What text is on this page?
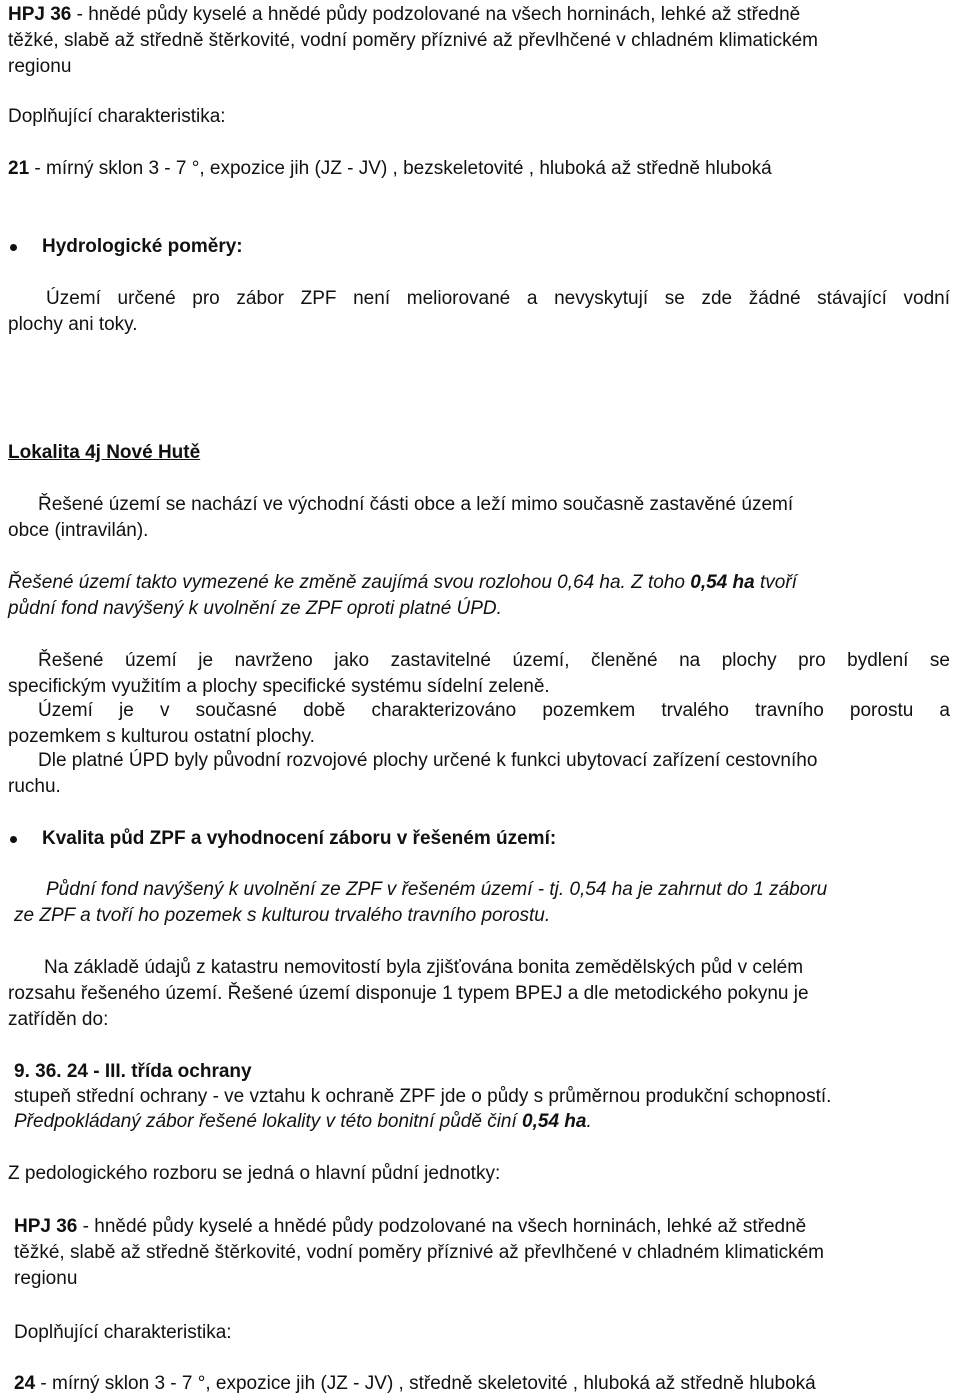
HPJ 36 - hnědé půdy kyselé a hnědé půdy podzolované na všech horninách, lehké až středně
těžké, slabě až středně štěrkovité, vodní poměry příznivé až převlhčené v chladném klimatickém
regionu
Doplňující charakteristika:
21 - mírný sklon 3 - 7 °, expozice jih (JZ - JV) , bezskeletovité , hluboká až středně hluboká
Hydrologické poměry:
Území určené pro zábor ZPF není meliorované a nevyskytují se zde žádné stávající vodní
plochy ani toky.
Lokalita 4j Nové Hutě
Řešené území se nachází ve východní části obce a leží mimo současně zastavěné území
obce (intravilán).
Řešené území takto vymezené ke změně zaujímá svou rozlohou 0,64 ha. Z toho 0,54 ha tvoří
půdní fond navýšený k uvolnění ze ZPF oproti platné ÚPD.
Řešené území je navrženo jako zastavitelné území, členěné na plochy pro bydlení se
specifickým využitím a plochy specifické systému sídelní zeleně.
Území je v současné době charakterizováno pozemkem trvalého travního porostu a
pozemkem s kulturou ostatní plochy.
Dle platné ÚPD byly původní rozvojové plochy určené k funkci ubytovací zařízení cestovního
ruchu.
Kvalita půd ZPF a vyhodnocení záboru v řešeném území:
Půdní fond navýšený k uvolnění ze ZPF v řešeném území - tj. 0,54 ha je zahrnut do 1 záboru
ze ZPF a tvoří ho pozemek s kulturou trvalého travního porostu.
Na základě údajů z katastru nemovitostí byla zjišťována bonita zemědělských půd v celém
rozsahu řešeného území. Řešené území disponuje 1 typem BPEJ a dle metodického pokynu je
zatříděn do:
9. 36. 24 - III. třída ochrany
stupeň střední ochrany - ve vztahu k ochraně ZPF jde o půdy s průměrnou produkční schopností.
Předpokládaný zábor řešené lokality v této bonitní půdě činí 0,54 ha.
Z pedologického rozboru se jedná o hlavní půdní jednotky:
HPJ 36 - hnědé půdy kyselé a hnědé půdy podzolované na všech horninách, lehké až středně
těžké, slabě až středně štěrkovité, vodní poměry příznivé až převlhčené v chladném klimatickém
regionu
Doplňující charakteristika:
24 - mírný sklon 3 - 7 °, expozice jih (JZ - JV) , středně skeletovité , hluboká až středně hluboká
